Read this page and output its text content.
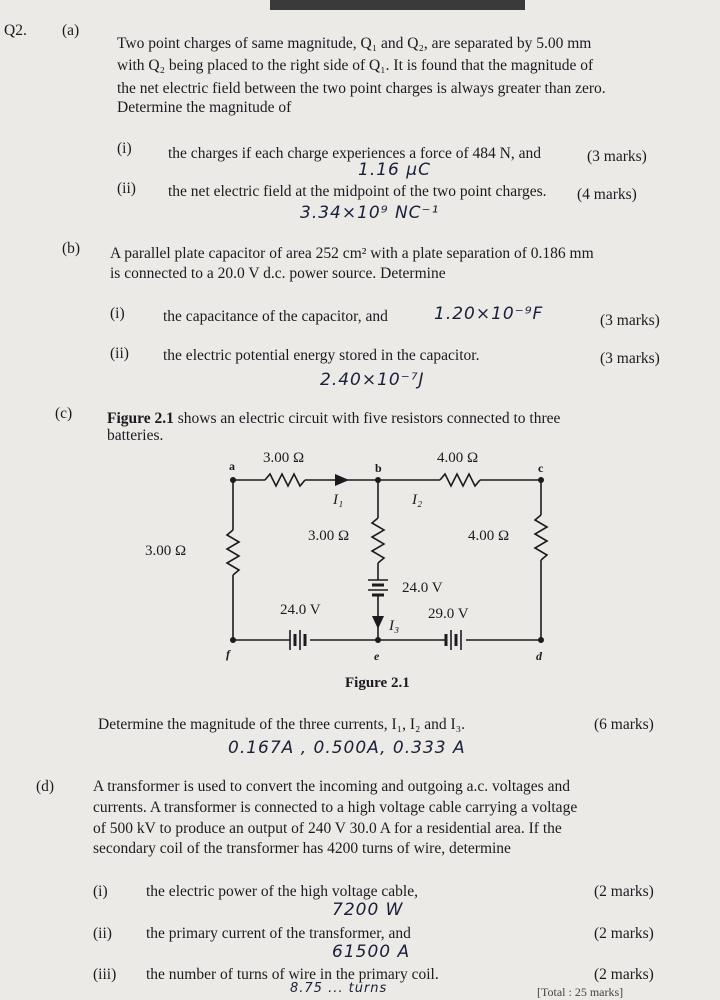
Q2. (a)
Two point charges of same magnitude, Q₁ and Q₂, are separated by 5.00 mm
with Q₂ being placed to the right side of Q₁. It is found that the magnitude of
the net electric field between the two point charges is always greater than zero.
Determine the magnitude of
(i) the charges if each charge experiences a force of 484 N, and	(3 marks)
1.16 μC
(ii) the net electric field at the midpoint of the two point charges. (4 marks)
3.34×10⁹ NC⁻¹
(b) A parallel plate capacitor of area 252 cm² with a plate separation of 0.186 mm
is connected to a 20.0 V d.c. power source. Determine
(i) the capacitance of the capacitor, and	1.20×10⁻⁹F	(3 marks)
(ii) the electric potential energy stored in the capacitor.	(3 marks)
2.40×10⁻⁷J
(c) Figure 2.1 shows an electric circuit with five resistors connected to three
batteries.
3.00 Ω	4.00 Ω
3.00 Ω
3.00 Ω	4.00 Ω
24.0 V
24.0 V	29.0 V
a	b	c
d
e
f
I₁	I₂
I₃
Figure 2.1
Determine the magnitude of the three currents, I₁, I₂ and I₃.	(6 marks)
0.167A , 0.500A, 0.333 A
(d)	A transformer is used to convert the incoming and outgoing a.c. voltages and
currents. A transformer is connected to a high voltage cable carrying a voltage
of 500 kV to produce an output of 240 V 30.0 A for a residential area. If the
secondary coil of the transformer has 4200 turns of wire, determine
(i) the electric power of the high voltage cable,	(2 marks)
7200 W
(ii) the primary current of the transformer, and	(2 marks)
61500 A
(iii) the number of turns of wire in the primary coil.	(2 marks)
8.75 ... turns	[Total : 25 marks]
